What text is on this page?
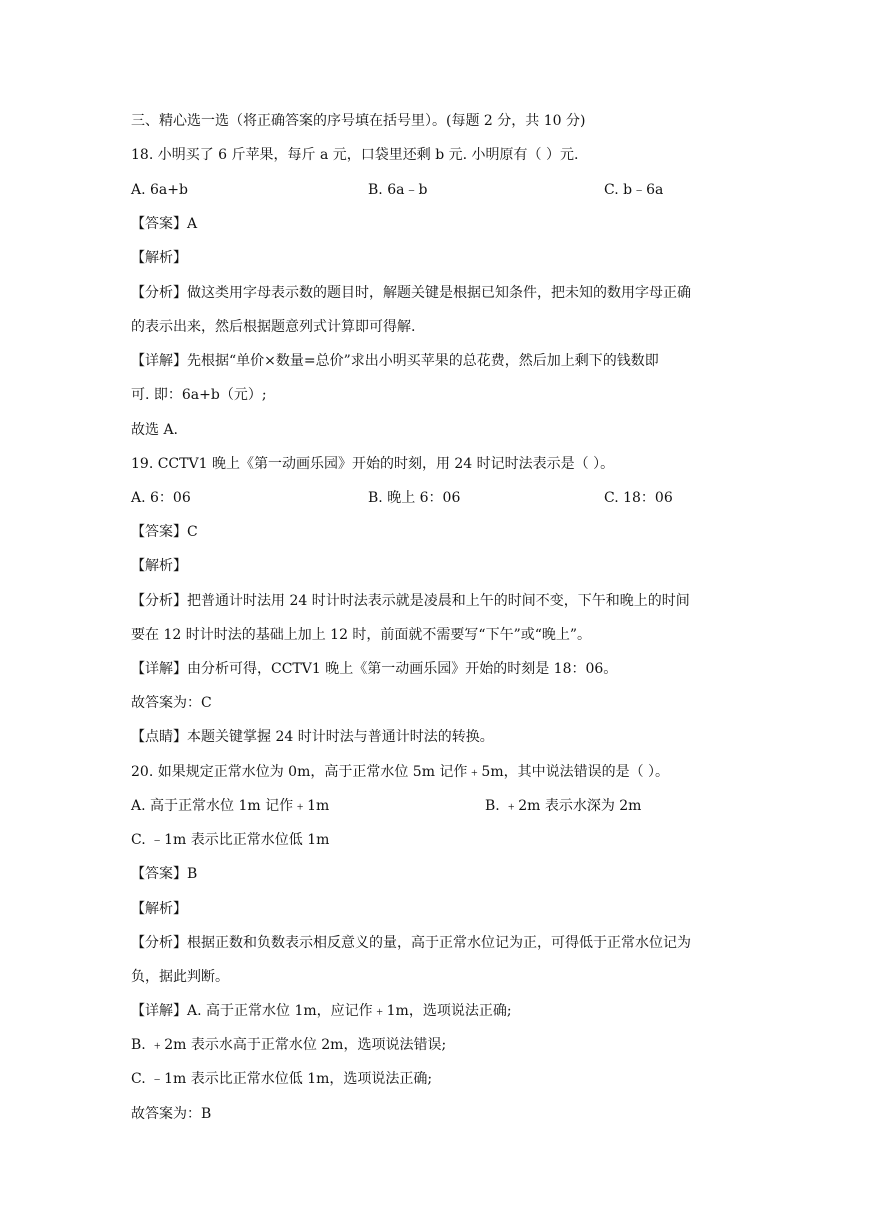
三、精心选一选（将正确答案的序号填在括号里）。(每题 2 分，共 10 分)
18. 小明买了 6 斤苹果，每斤 a 元，口袋里还剩 b 元. 小明原有（ ）元.
A. 6a+b	B. 6a﹣b	C. b﹣6a
【答案】A
【解析】
【分析】做这类用字母表示数的题目时，解题关键是根据已知条件，把未知的数用字母正确
的表示出来，然后根据题意列式计算即可得解.
【详解】先根据“单价×数量=总价”求出小明买苹果的总花费，然后加上剩下的钱数即
可. 即：6a+b（元）;
故选 A.
19. CCTV1 晚上《第一动画乐园》开始的时刻，用 24 时记时法表示是（ ）。
A. 6：06	B. 晚上 6：06	C. 18：06
【答案】C
【解析】
【分析】把普通计时法用 24 时计时法表示就是凌晨和上午的时间不变，下午和晚上的时间
要在 12 时计时法的基础上加上 12 时，前面就不需要写“下午”或“晚上”。
【详解】由分析可得，CCTV1 晚上《第一动画乐园》开始的时刻是 18：06。
故答案为：C
【点睛】本题关键掌握 24 时计时法与普通计时法的转换。
20. 如果规定正常水位为 0m，高于正常水位 5m 记作﹢5m，其中说法错误的是（ ）。
A. 高于正常水位 1m 记作﹢1m	B. ﹢2m 表示水深为 2m
C. ﹣1m 表示比正常水位低 1m
【答案】B
【解析】
【分析】根据正数和负数表示相反意义的量，高于正常水位记为正，可得低于正常水位记为
负，据此判断。
【详解】A. 高于正常水位 1m，应记作﹢1m，选项说法正确;
B. ﹢2m 表示水高于正常水位 2m，选项说法错误;
C. ﹣1m 表示比正常水位低 1m，选项说法正确;
故答案为：B
